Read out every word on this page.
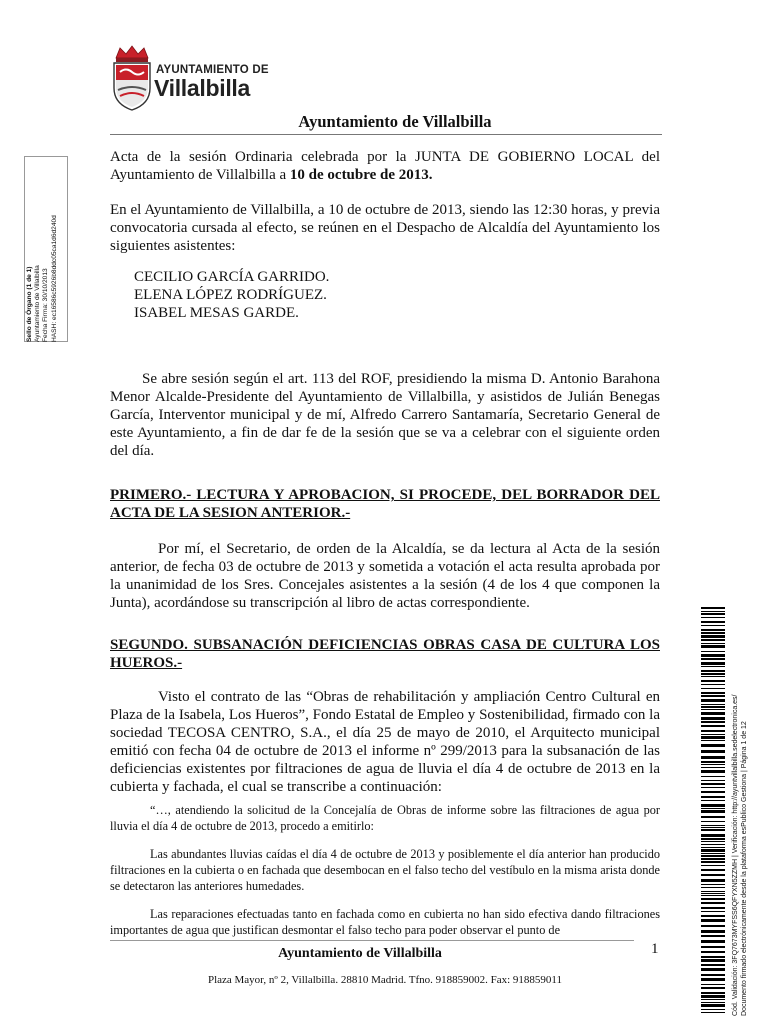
AYUNTAMIENTO DE
Villalbilla
Ayuntamiento de Villalbilla
Sello de Órgano (1 de 1) Ayuntamiento de Villalbilla Fecha Firma: 30/10/2013 HASH: ec16586c5926b8ddc05ca1d6d240d
Acta de la sesión Ordinaria celebrada por la JUNTA DE GOBIERNO LOCAL del Ayuntamiento de Villalbilla a 10 de octubre de 2013.
En el Ayuntamiento de Villalbilla, a 10 de octubre de 2013, siendo las 12:30 horas, y previa convocatoria cursada al efecto, se reúnen en el Despacho de Alcaldía del Ayuntamiento los siguientes asistentes:
CECILIO GARCÍA GARRIDO.
ELENA LÓPEZ RODRÍGUEZ.
ISABEL MESAS GARDE.
Se abre sesión según el art. 113 del ROF, presidiendo la misma D. Antonio Barahona Menor Alcalde-Presidente del Ayuntamiento de Villalbilla, y asistidos de Julián Benegas García, Interventor municipal y de mí, Alfredo Carrero Santamaría, Secretario General de este Ayuntamiento, a fin de dar fe de la sesión que se va a celebrar con el siguiente orden del día.
PRIMERO.- LECTURA Y APROBACION, SI PROCEDE, DEL BORRADOR DEL ACTA DE LA SESION ANTERIOR.-
Por mí, el Secretario, de orden de la Alcaldía, se da lectura al Acta de la sesión anterior, de fecha 03 de octubre de 2013 y sometida a votación el acta resulta aprobada por la unanimidad de los Sres. Concejales asistentes a la sesión (4 de los 4 que componen la Junta), acordándose su transcripción al libro de actas correspondiente.
SEGUNDO. SUBSANACIÓN DEFICIENCIAS OBRAS CASA DE CULTURA LOS HUEROS.-
Visto el contrato de las “Obras de rehabilitación y ampliación Centro Cultural en Plaza de la Isabela, Los Hueros”, Fondo Estatal de Empleo y Sostenibilidad, firmado con la sociedad TECOSA CENTRO, S.A., el día 25 de mayo de 2010, el Arquitecto municipal emitió con fecha 04 de octubre de 2013 el informe nº 299/2013 para la subsanación de las deficiencias existentes por filtraciones de agua de lluvia el día 4 de octubre de 2013 en la cubierta y fachada, el cual se transcribe a continuación:
“…, atendiendo la solicitud de la Concejalía de Obras de informe sobre las filtraciones de agua por lluvia el día 4 de octubre de 2013, procedo a emitirlo:
Las abundantes lluvias caídas el día 4 de octubre de 2013 y posiblemente el día anterior han producido filtraciones en la cubierta o en fachada que desembocan en el falso techo del vestíbulo en la misma arista donde se detectaron las anteriores humedades.
Las reparaciones efectuadas tanto en fachada como en cubierta no han sido efectiva dando filtraciones importantes de agua que justifican desmontar el falso techo para poder observar el punto de
Ayuntamiento de Villalbilla	1
Plaza Mayor, nº 2, Villalbilla. 28810 Madrid. Tfno. 918859002. Fax: 918859011	Cód. Validación: 3FQ7673MYFSS6QFYXN5ZZMH | Verificación: http://ayuntvillalbilla.sedelectronica.es/ Documento firmado electrónicamente desde la plataforma esPublico Gestiona | Página 1 de 12
